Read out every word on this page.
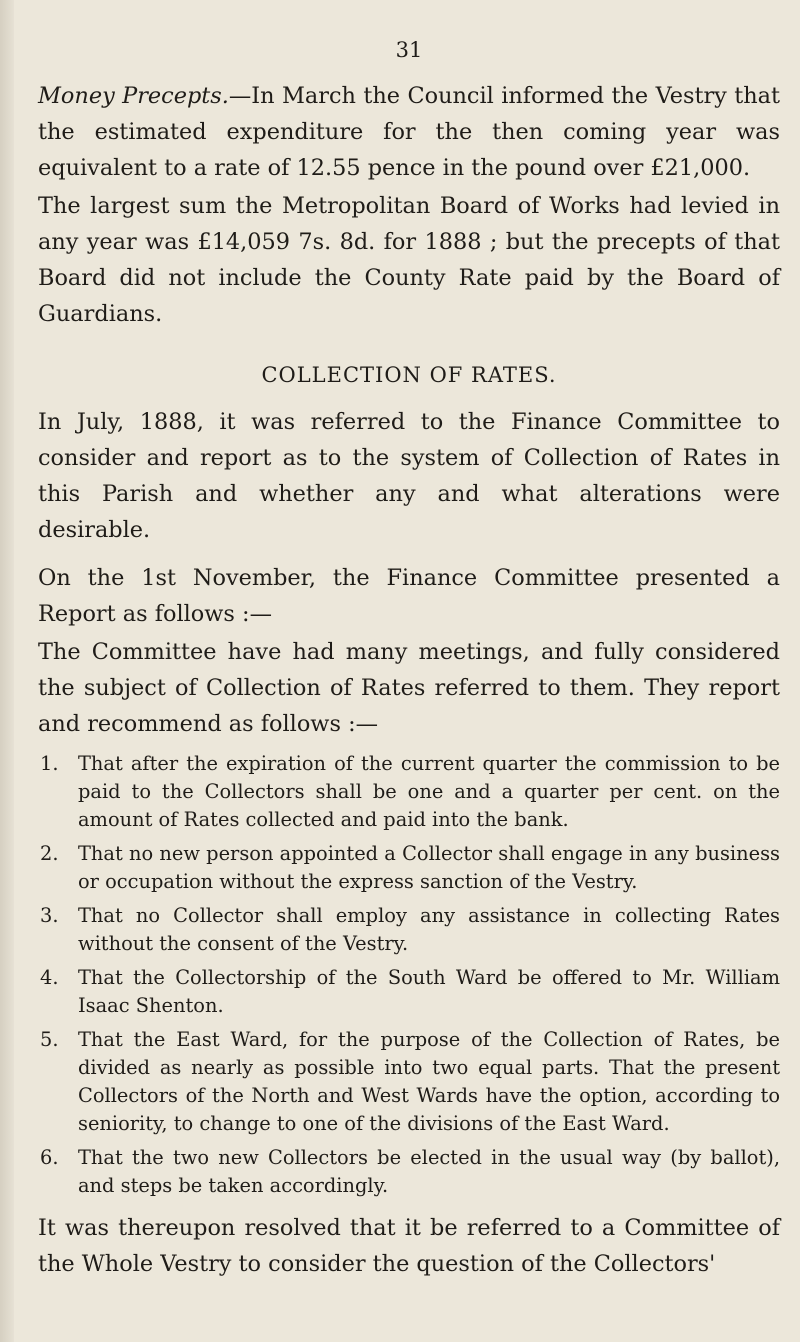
31

Money Precepts.—In March the Council informed the Vestry that the estimated expenditure for the then coming year was equivalent to a rate of 12.55 pence in the pound over £21,000.

The largest sum the Metropolitan Board of Works had levied in any year was £14,059 7s. 8d. for 1888 ; but the precepts of that Board did not include the County Rate paid by the Board of Guardians.

COLLECTION OF RATES.

In July, 1888, it was referred to the Finance Committee to consider and report as to the system of Collection of Rates in this Parish and whether any and what alterations were desirable.

On the 1st November, the Finance Committee presented a Report as follows :—

The Committee have had many meetings, and fully considered the subject of Collection of Rates referred to them. They report and recommend as follows :—

1.	That after the expiration of the current quarter the commission to be paid to the Collectors shall be one and a quarter per cent. on the amount of Rates collected and paid into the bank.
2.	That no new person appointed a Collector shall engage in any business or occupation without the express sanction of the Vestry.
3.	That no Collector shall employ any assistance in collecting Rates without the consent of the Vestry.
4.	That the Collectorship of the South Ward be offered to Mr. William Isaac Shenton.
5.	That the East Ward, for the purpose of the Collection of Rates, be divided as nearly as possible into two equal parts. That the present Collectors of the North and West Wards have the option, according to seniority, to change to one of the divisions of the East Ward.
6.	That the two new Collectors be elected in the usual way (by ballot), and steps be taken accordingly.

It was thereupon resolved that it be referred to a Committee of the Whole Vestry to consider the question of the Collectors'
